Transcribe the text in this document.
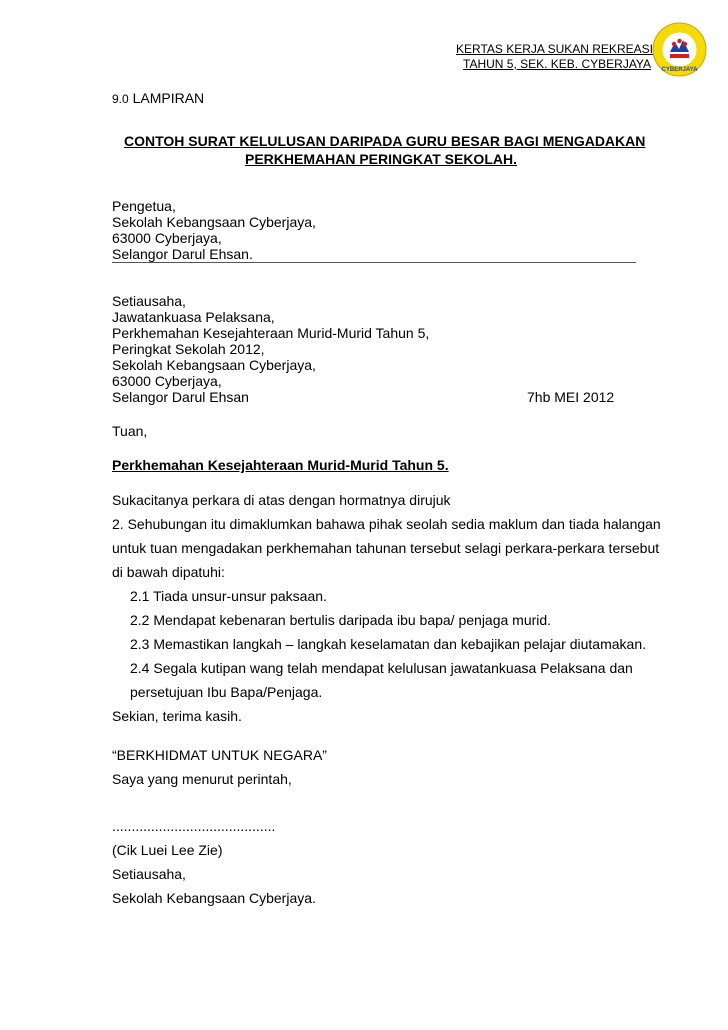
KERTAS KERJA SUKAN REKREASI
TAHUN 5, SEK. KEB. CYBERJAYA CYBERJAYA
9.0 LAMPIRAN
CONTOH SURAT KELULUSAN DARIPADA GURU BESAR BAGI MENGADAKAN
PERKHEMAHAN PERINGKAT SEKOLAH.
Pengetua,
Sekolah Kebangsaan Cyberjaya,
63000 Cyberjaya,
Selangor Darul Ehsan.
Setiausaha,
Jawatankuasa Pelaksana,
Perkhemahan Kesejahteraan Murid-Murid Tahun 5,
Peringkat Sekolah 2012,
Sekolah Kebangsaan Cyberjaya,
63000 Cyberjaya,
Selangor Darul Ehsan	7hb MEI 2012
Tuan,
Perkhemahan Kesejahteraan Murid-Murid Tahun 5.
Sukacitanya perkara di atas dengan hormatnya dirujuk
2. Sehubungan itu dimaklumkan bahawa pihak seolah sedia maklum dan tiada halangan
untuk tuan mengadakan perkhemahan tahunan tersebut selagi perkara-perkara tersebut
di bawah dipatuhi:
2.1 Tiada unsur-unsur paksaan.
2.2 Mendapat kebenaran bertulis daripada ibu bapa/ penjaga murid.
2.3 Memastikan langkah – langkah keselamatan dan kebajikan pelajar diutamakan.
2.4 Segala kutipan wang telah mendapat kelulusan jawatankuasa Pelaksana dan
persetujuan Ibu Bapa/Penjaga.
Sekian, terima kasih.
“BERKHIDMAT UNTUK NEGARA”
Saya yang menurut perintah,
..........................................
(Cik Luei Lee Zie)
Setiausaha,
Sekolah Kebangsaan Cyberjaya.
